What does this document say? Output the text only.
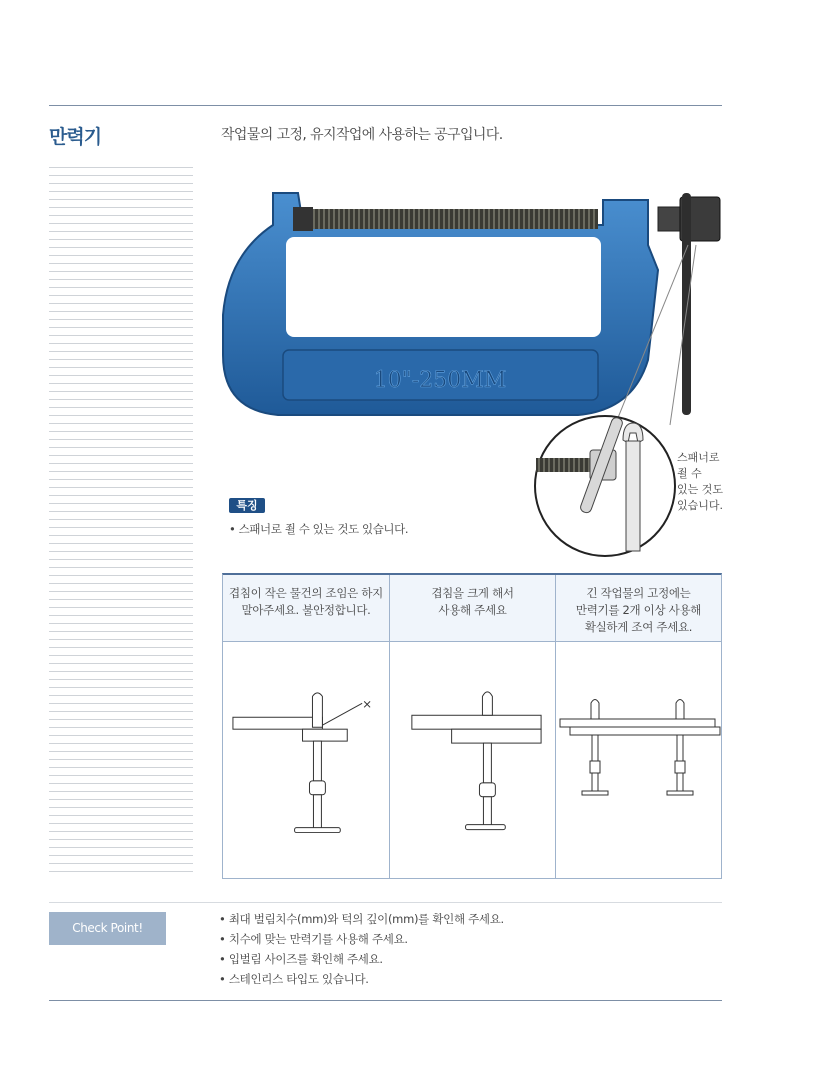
만력기	작업물의 고정, 유지작업에 사용하는 공구입니다.
10"-250MM
스패너로
죌 수
있는 것도
있습니다.
특징
• 스패너로 죌 수 있는 것도 있습니다.
겹침이 작은 물건의 조임은 하지
말아주세요. 불안정합니다.
겹침을 크게 해서
사용해 주세요
긴 작업물의 고정에는
만력기를 2개 이상 사용해
확실하게 조여 주세요.
Check Point!
• 최대 벌림치수(mm)와 턱의 깊이(mm)를 확인해 주세요.
• 치수에 맞는 만력기를 사용해 주세요.
• 입벌림 사이즈를 확인해 주세요.
• 스테인리스 타입도 있습니다.
